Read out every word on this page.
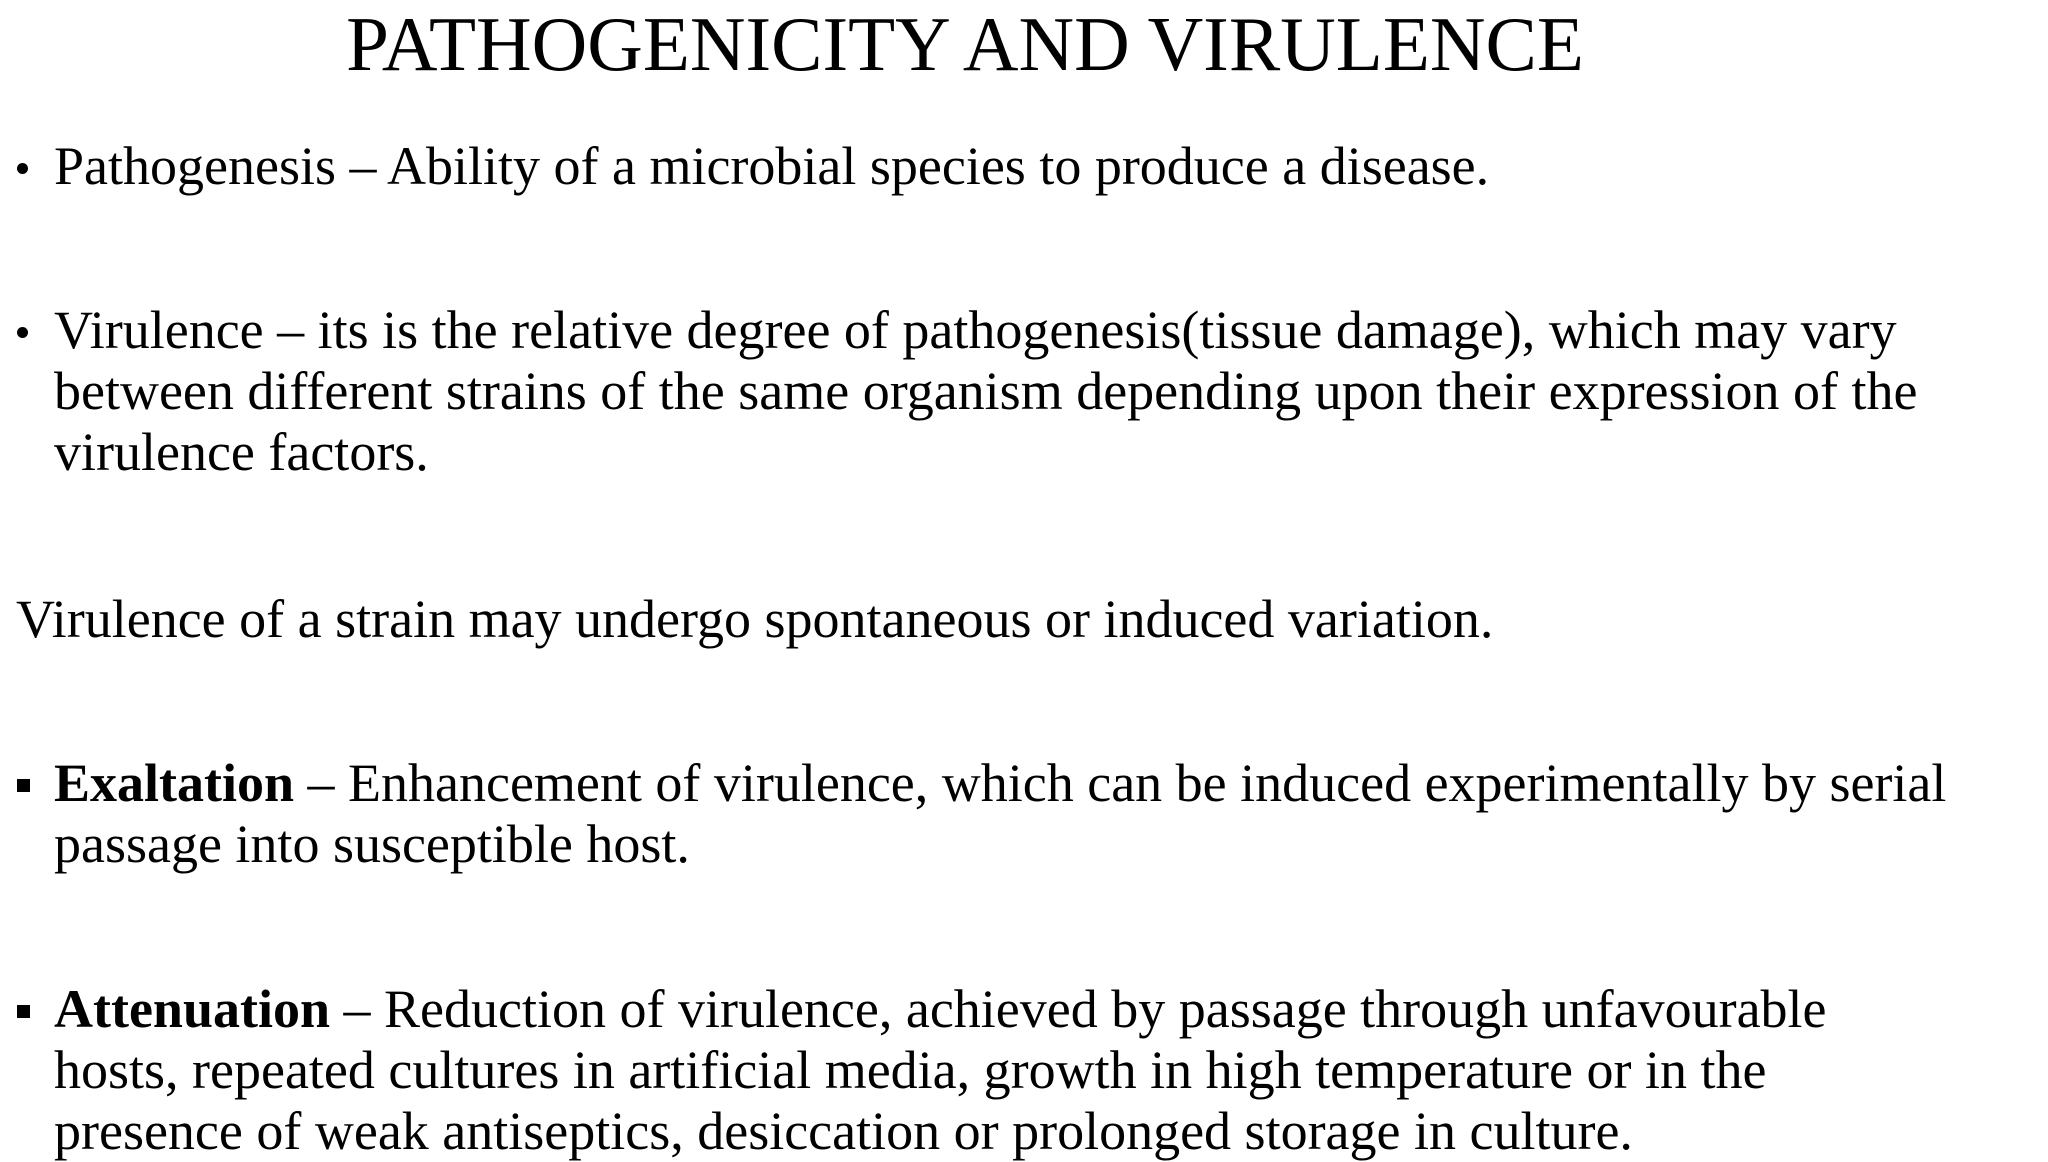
PATHOGENICITY AND VIRULENCE
Pathogenesis – Ability of a microbial species to produce a disease.
Virulence – its is the relative degree of pathogenesis(tissue damage), which may vary
between different strains of the same organism depending upon their expression of the
virulence factors.
Virulence of a strain may undergo spontaneous or induced variation.
Exaltation – Enhancement of virulence, which can be induced experimentally by serial
passage into susceptible host.
Attenuation – Reduction of virulence, achieved by passage through unfavourable
hosts, repeated cultures in artificial media, growth in high temperature or in the
presence of weak antiseptics, desiccation or prolonged storage in culture.
